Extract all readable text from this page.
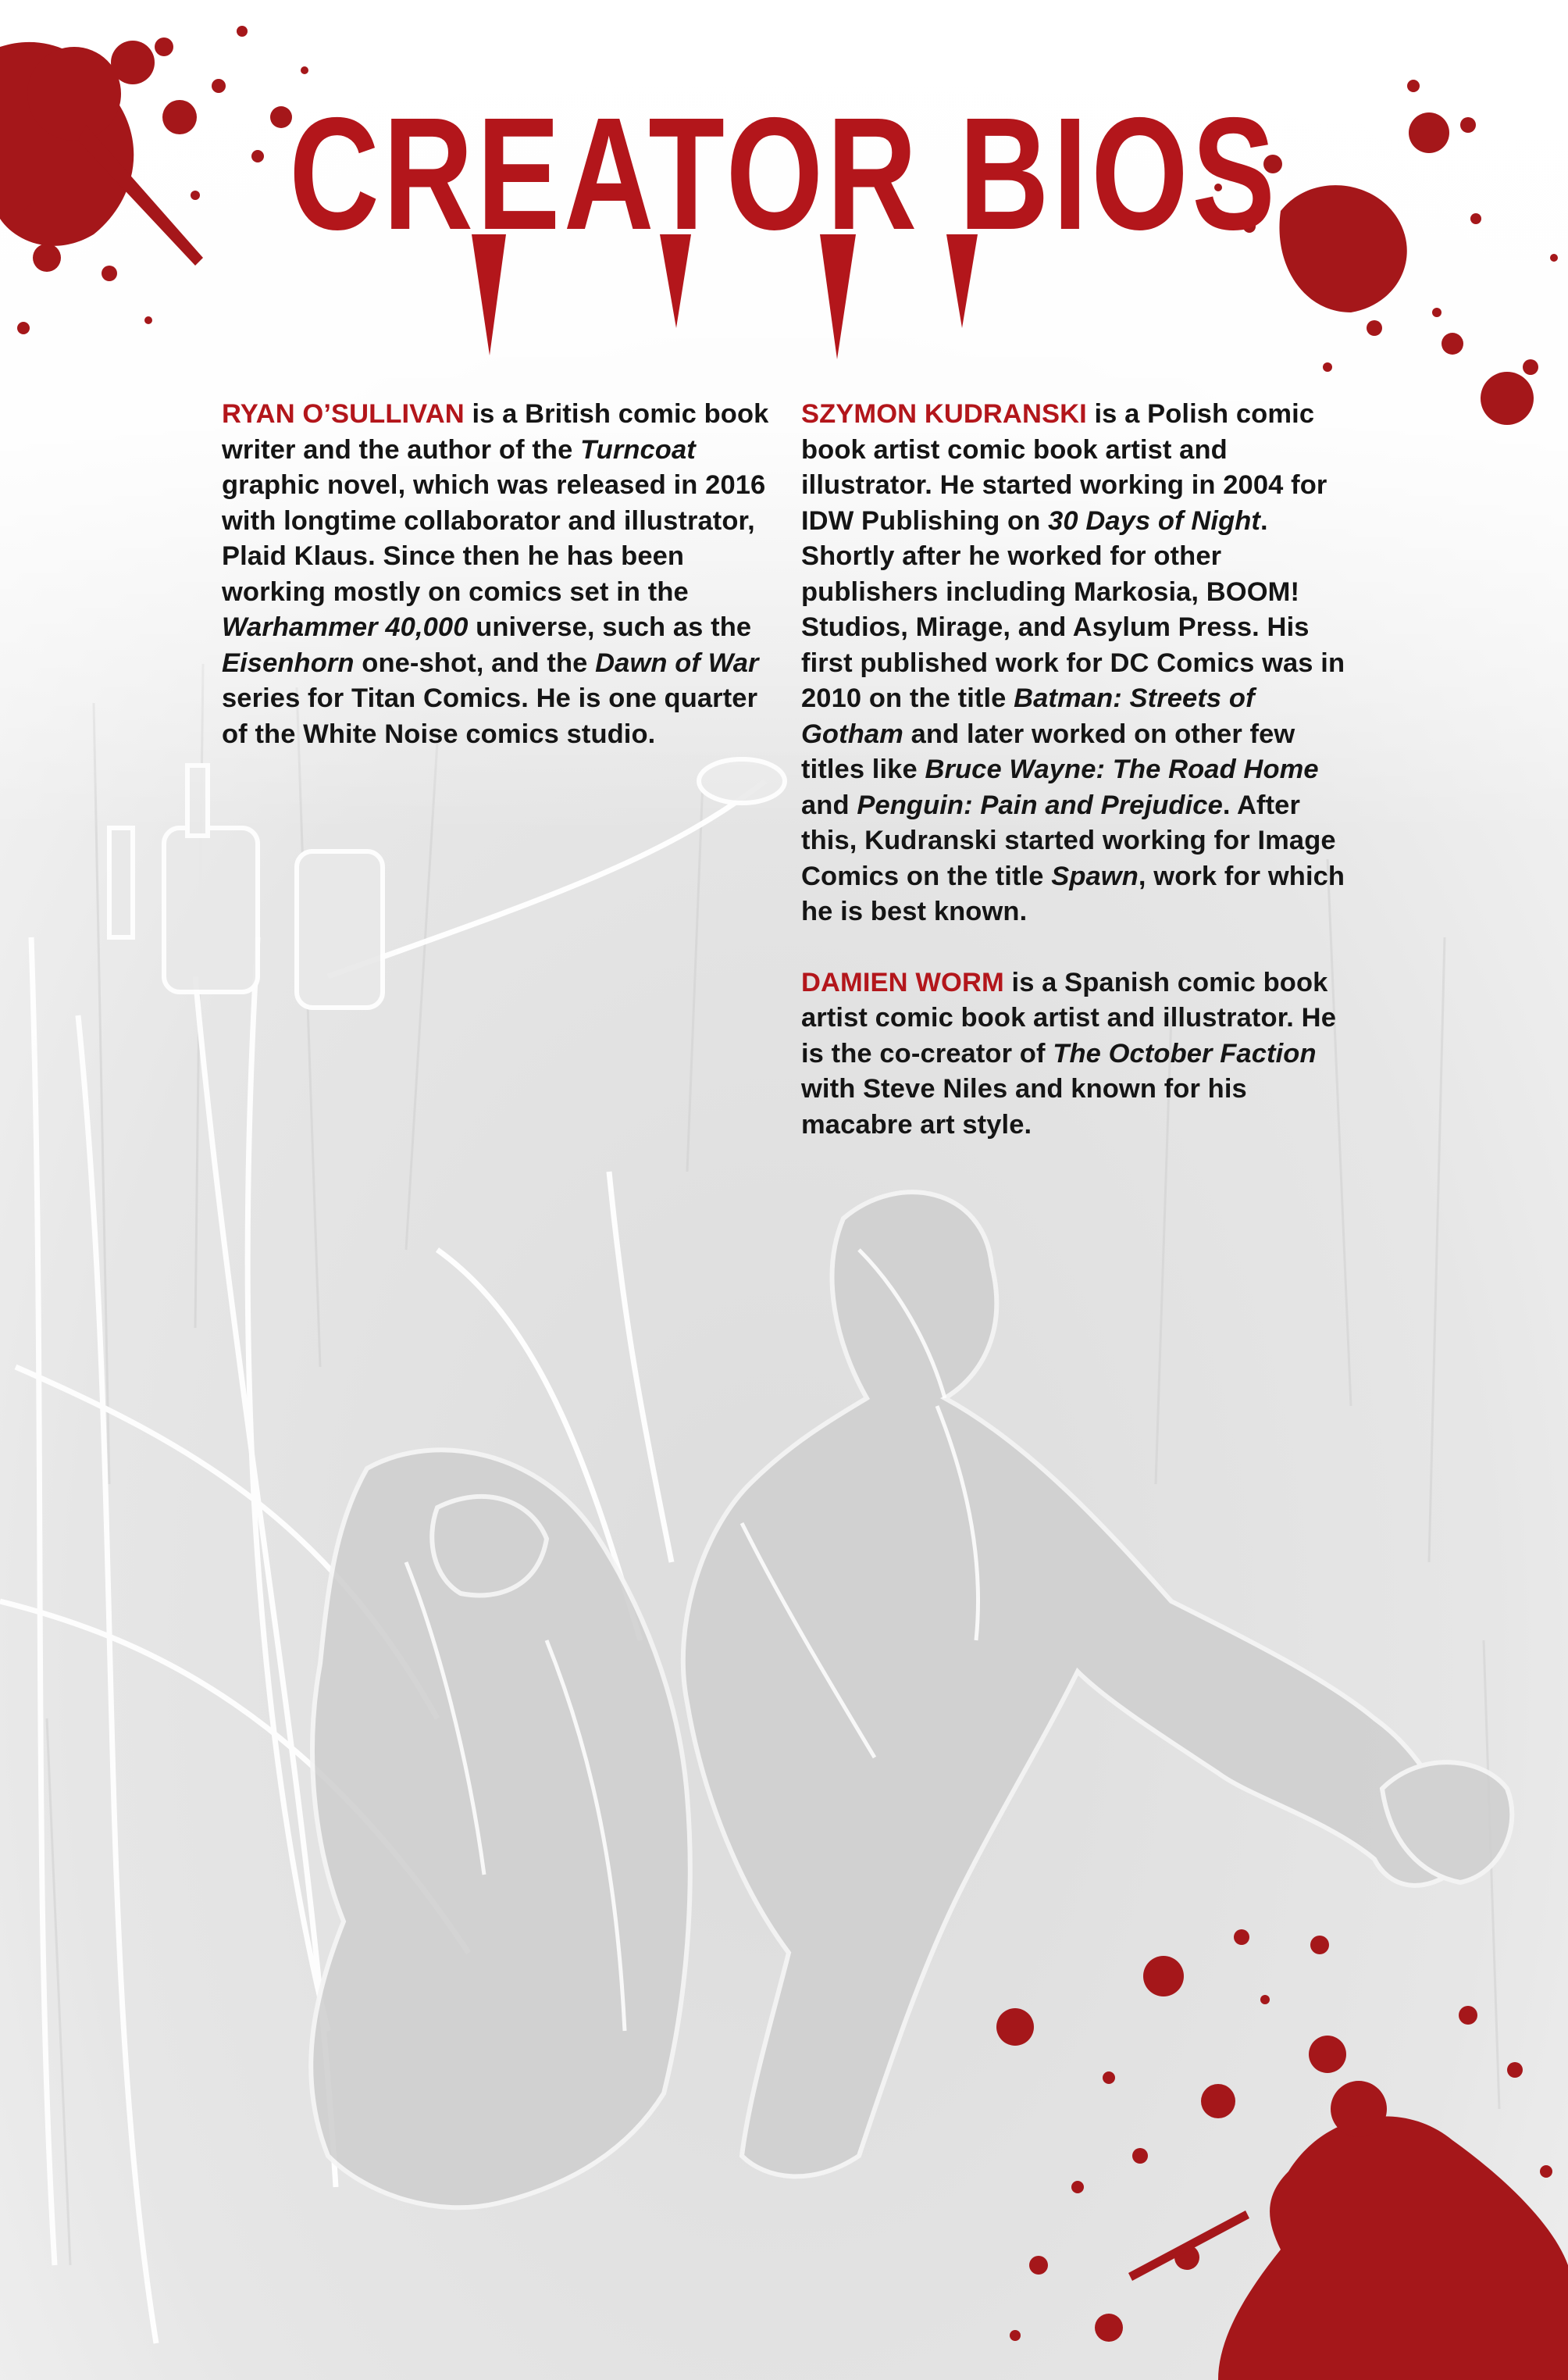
CREATOR BIOS

RYAN O’SULLIVAN is a British comic book writer and the author of the Turncoat graphic novel, which was released in 2016 with longtime collaborator and illustrator, Plaid Klaus. Since then he has been working mostly on comics set in the Warhammer 40,000 universe, such as the Eisenhorn one-shot, and the Dawn of War series for Titan Comics. He is one quarter of the White Noise comics studio.

SZYMON KUDRANSKI is a Polish comic book artist comic book artist and illustrator. He started working in 2004 for IDW Publishing on 30 Days of Night. Shortly after he worked for other publishers including Markosia, BOOM! Studios, Mirage, and Asylum Press. His first published work for DC Comics was in 2010 on the title Batman: Streets of Gotham and later worked on other few titles like Bruce Wayne: The Road Home and Penguin: Pain and Prejudice. After this, Kudranski started working for Image Comics on the title Spawn, work for which he is best known.

DAMIEN WORM is a Spanish comic book artist comic book artist and illustrator. He is the co-creator of The October Faction with Steve Niles and known for his macabre art style.
